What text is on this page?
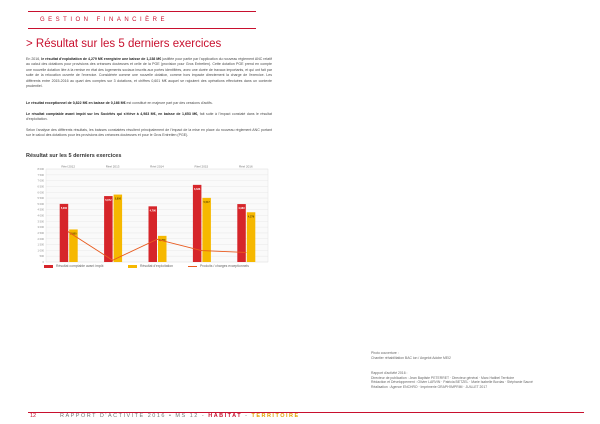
GESTION FINANCIÈRE
> Résultat sur les 5 derniers exercices

En 2016, le résultat d'exploitation de 4,279 M€ enregistre une baisse de 1,238 M€ justifiée pour partie par l'application du nouveau règlement ANC relatif au calcul des dotations pour provisions des créances douteuses et celle de la PGE (provision pour Gros Entretien). Cette dotation PGE prend en compte une nouvelle dotation liée à la remise en état des logements sociaux inscrits aux portes identifiées, avec une durée de travaux importants, et qui ont fait par suite de la relocation ouverte de l'exercice. Considérée comme une nouvelle dotation, comme hors impacte directement la charge de l'exercice. Les différents entre 2015-2016 au quart des comptes sur 3 dotations, et chiffres 0,601 M€ auquel se rajoutent des opérations effectuées dans un contexte prudentiel.

Le résultat exceptionnel de 0,822 M€ en baisse de 0,166 M€ est constitué en majeure part par des cessions d'actifs.

Le résultat comptable avant impôt sur les Sociétés qui s'élève à 4,983 M€, en baisse de 1,653 M€, fait suite à l'impact constaté dans le résultat d'exploitation.

Selon l'analyse des différents résultats, les baisses constatées résultent principalement de l'impact de la mise en place du nouveau règlement ANC portant sur le calcul des dotations pour les provisions des créances douteuses et pour le Gros Entretien (PGE).

Résultat sur les 5 derniers exercices
0
500
1 000
1 500
2 000
2 500
3 000
3 500
4 000
4 500
5 000
5 500
6 000
6 500
7 000
7 500
8 000
Réel 2012
5,000
2,800
Réel 2013
5,672 5,800
Réel 2014
4,790
2,250
Réel 2015
6,636
5,517
Réel 2016
4,983
4,279
Résultat comptable avant impôt	Résultat d'exploitation	Produits / charges exceptionnels
Photo couverture :
Chantier réhabilitation BAC ion / Angelot Adobe MEI2
Rapport d'activité 2016 :
Directeur de publication : Jean Baptiste PETERRET · Directeur général · Marc Hatibel Territoire
Rédaction et Développement : Olivier LARVIN · Patricia BETZEL · Marie Isabelle Bordas · Stéphanie Sauvé
Réalisation : Agence ENCHRO · Imprimerie GRAPH'IMPRIM · JUILLET 2017
12	RAPPORT D'ACTIVITÉ 2016 • MS 12 - HABITAT - TERRITOIRE
